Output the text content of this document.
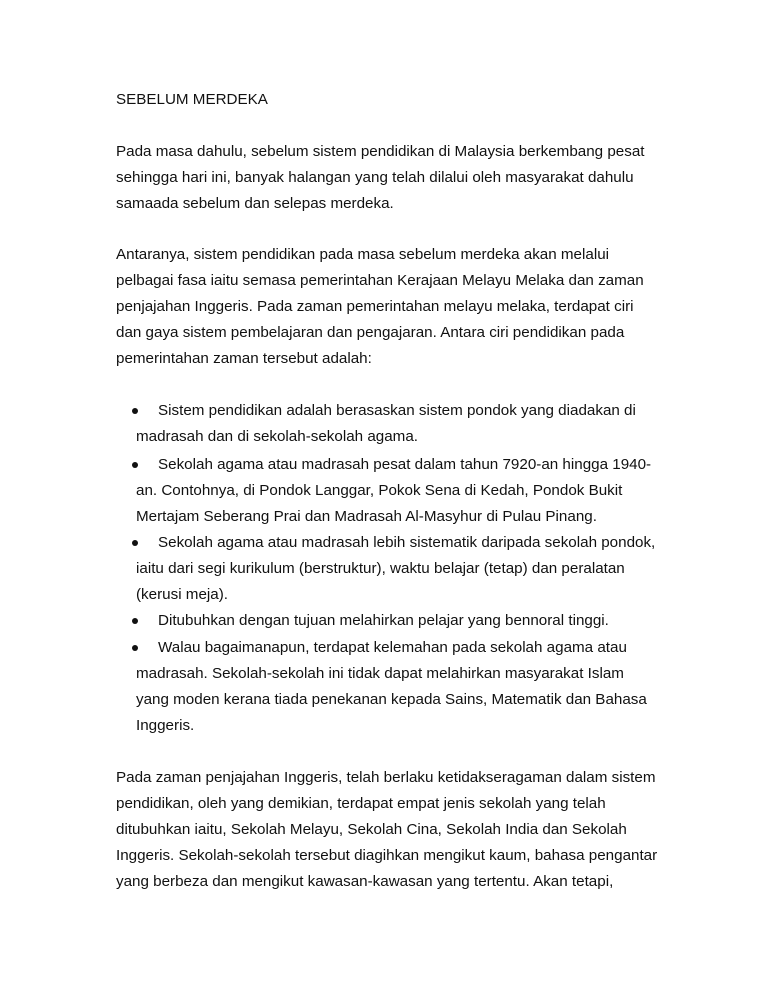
SEBELUM MERDEKA
Pada masa dahulu, sebelum sistem pendidikan di Malaysia berkembang pesat
sehingga hari ini, banyak halangan yang telah dilalui oleh masyarakat dahulu
samaada sebelum dan selepas merdeka.
Antaranya, sistem pendidikan pada masa sebelum merdeka akan melalui
pelbagai fasa iaitu semasa pemerintahan Kerajaan Melayu Melaka dan zaman
penjajahan Inggeris. Pada zaman pemerintahan melayu melaka, terdapat ciri
dan gaya sistem pembelajaran dan pengajaran. Antara ciri pendidikan pada
pemerintahan zaman tersebut adalah:
Sistem pendidikan adalah berasaskan sistem pondok yang diadakan di
madrasah dan di sekolah-sekolah agama.
Sekolah agama atau madrasah pesat dalam tahun 7920-an hingga 1940-
an. Contohnya, di Pondok Langgar, Pokok Sena di Kedah, Pondok Bukit
Mertajam Seberang Prai dan Madrasah Al-Masyhur di Pulau Pinang.
Sekolah agama atau madrasah lebih sistematik daripada sekolah pondok,
iaitu dari segi kurikulum (berstruktur), waktu belajar (tetap) dan peralatan
(kerusi meja).
Ditubuhkan dengan tujuan melahirkan pelajar yang bennoral tinggi.
Walau bagaimanapun, terdapat kelemahan pada sekolah agama atau
madrasah. Sekolah-sekolah ini tidak dapat melahirkan masyarakat Islam
yang moden kerana tiada penekanan kepada Sains, Matematik dan Bahasa
Inggeris.
Pada zaman penjajahan Inggeris, telah berlaku ketidakseragaman dalam sistem
pendidikan, oleh yang demikian, terdapat empat jenis sekolah yang telah
ditubuhkan iaitu, Sekolah Melayu, Sekolah Cina, Sekolah India dan Sekolah
Inggeris. Sekolah-sekolah tersebut diagihkan mengikut kaum, bahasa pengantar
yang berbeza dan mengikut kawasan-kawasan yang tertentu. Akan tetapi,
